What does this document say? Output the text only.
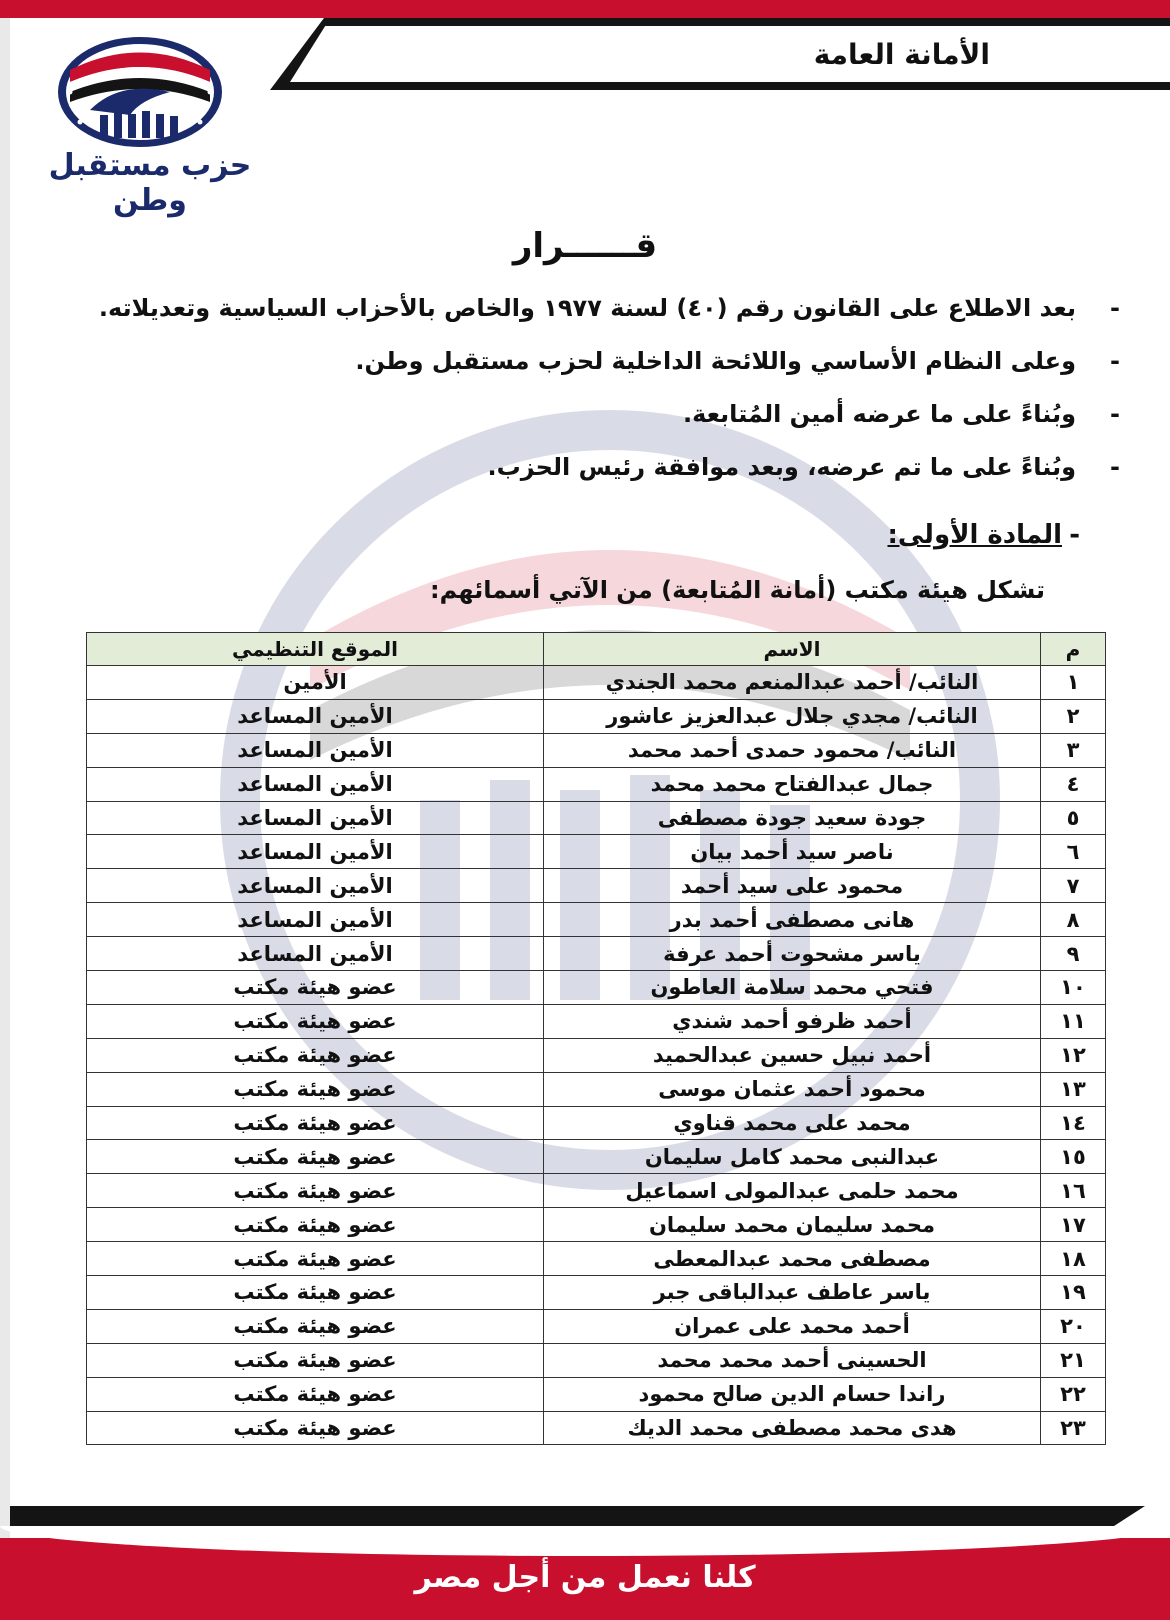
الأمانة العامة
حزب مستقبل وطن
قــــــرار
-بعد الاطلاع على القانون رقم (٤٠) لسنة ١٩٧٧ والخاص بالأحزاب السياسية وتعديلاته.
-وعلى النظام الأساسي واللائحة الداخلية لحزب مستقبل وطن.
-وبُناءً على ما عرضه أمين المُتابعة.
-وبُناءً على ما تم عرضه، وبعد موافقة رئيس الحزب.
-المادة الأولى:
تشكل هيئة مكتب (أمانة المُتابعة) من الآتي أسمائهم:
م	الاسم	الموقع التنظيمي
١	النائب/ أحمد عبدالمنعم محمد الجندي	الأمين
٢	النائب/ مجدي جلال عبدالعزيز عاشور	الأمين المساعد
٣	النائب/ محمود حمدى أحمد محمد	الأمين المساعد
٤	جمال عبدالفتاح محمد محمد	الأمين المساعد
٥	جودة سعيد جودة مصطفى	الأمين المساعد
٦	ناصر سيد أحمد بيان	الأمين المساعد
٧	محمود على سيد أحمد	الأمين المساعد
٨	هانى مصطفى أحمد بدر	الأمين المساعد
٩	ياسر مشحوت أحمد عرفة	الأمين المساعد
١٠	فتحي محمد سلامة العاطون	عضو هيئة مكتب
١١	أحمد ظرفو أحمد شندي	عضو هيئة مكتب
١٢	أحمد نبيل حسين عبدالحميد	عضو هيئة مكتب
١٣	محمود أحمد عثمان موسى	عضو هيئة مكتب
١٤	محمد على محمد قناوي	عضو هيئة مكتب
١٥	عبدالنبى محمد كامل سليمان	عضو هيئة مكتب
١٦	محمد حلمى عبدالمولى اسماعيل	عضو هيئة مكتب
١٧	محمد سليمان محمد سليمان	عضو هيئة مكتب
١٨	مصطفى محمد عبدالمعطى	عضو هيئة مكتب
١٩	ياسر عاطف عبدالباقى جبر	عضو هيئة مكتب
٢٠	أحمد محمد على عمران	عضو هيئة مكتب
٢١	الحسينى أحمد محمد محمد	عضو هيئة مكتب
٢٢	راندا حسام الدين صالح محمود	عضو هيئة مكتب
٢٣	هدى محمد مصطفى محمد الديك	عضو هيئة مكتب
كلنا نعمل من أجل مصر
